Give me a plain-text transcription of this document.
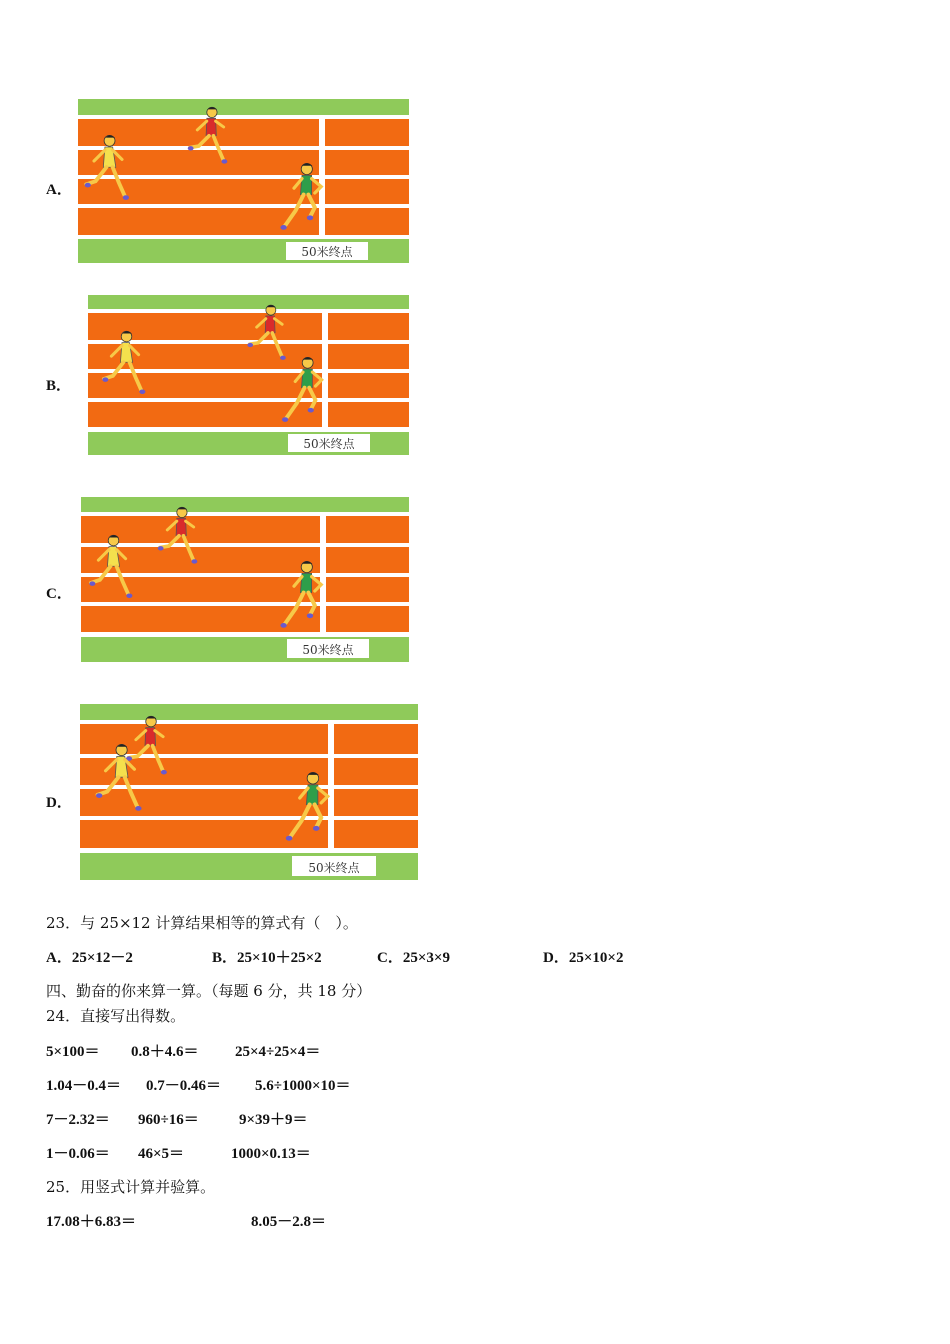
A．
50米终点
B．
50米终点
C．
50米终点
D．
50米终点
23．与 25×12 计算结果相等的算式有（　）。
A．25×12－2	B．25×10＋25×2	C．25×3×9	D．25×10×2
四、勤奋的你来算一算。（每题 6 分，共 18 分）
24．直接写出得数。
5×100＝ 0.8＋4.6＝ 25×4÷25×4＝
1.04－0.4＝ 0.7－0.46＝ 5.6÷1000×10＝
7－2.32＝ 960÷16＝	9×39＋9＝
1－0.06＝ 46×5＝	1000×0.13＝
25．用竖式计算并验算。
17.08＋6.83＝	8.05－2.8＝
